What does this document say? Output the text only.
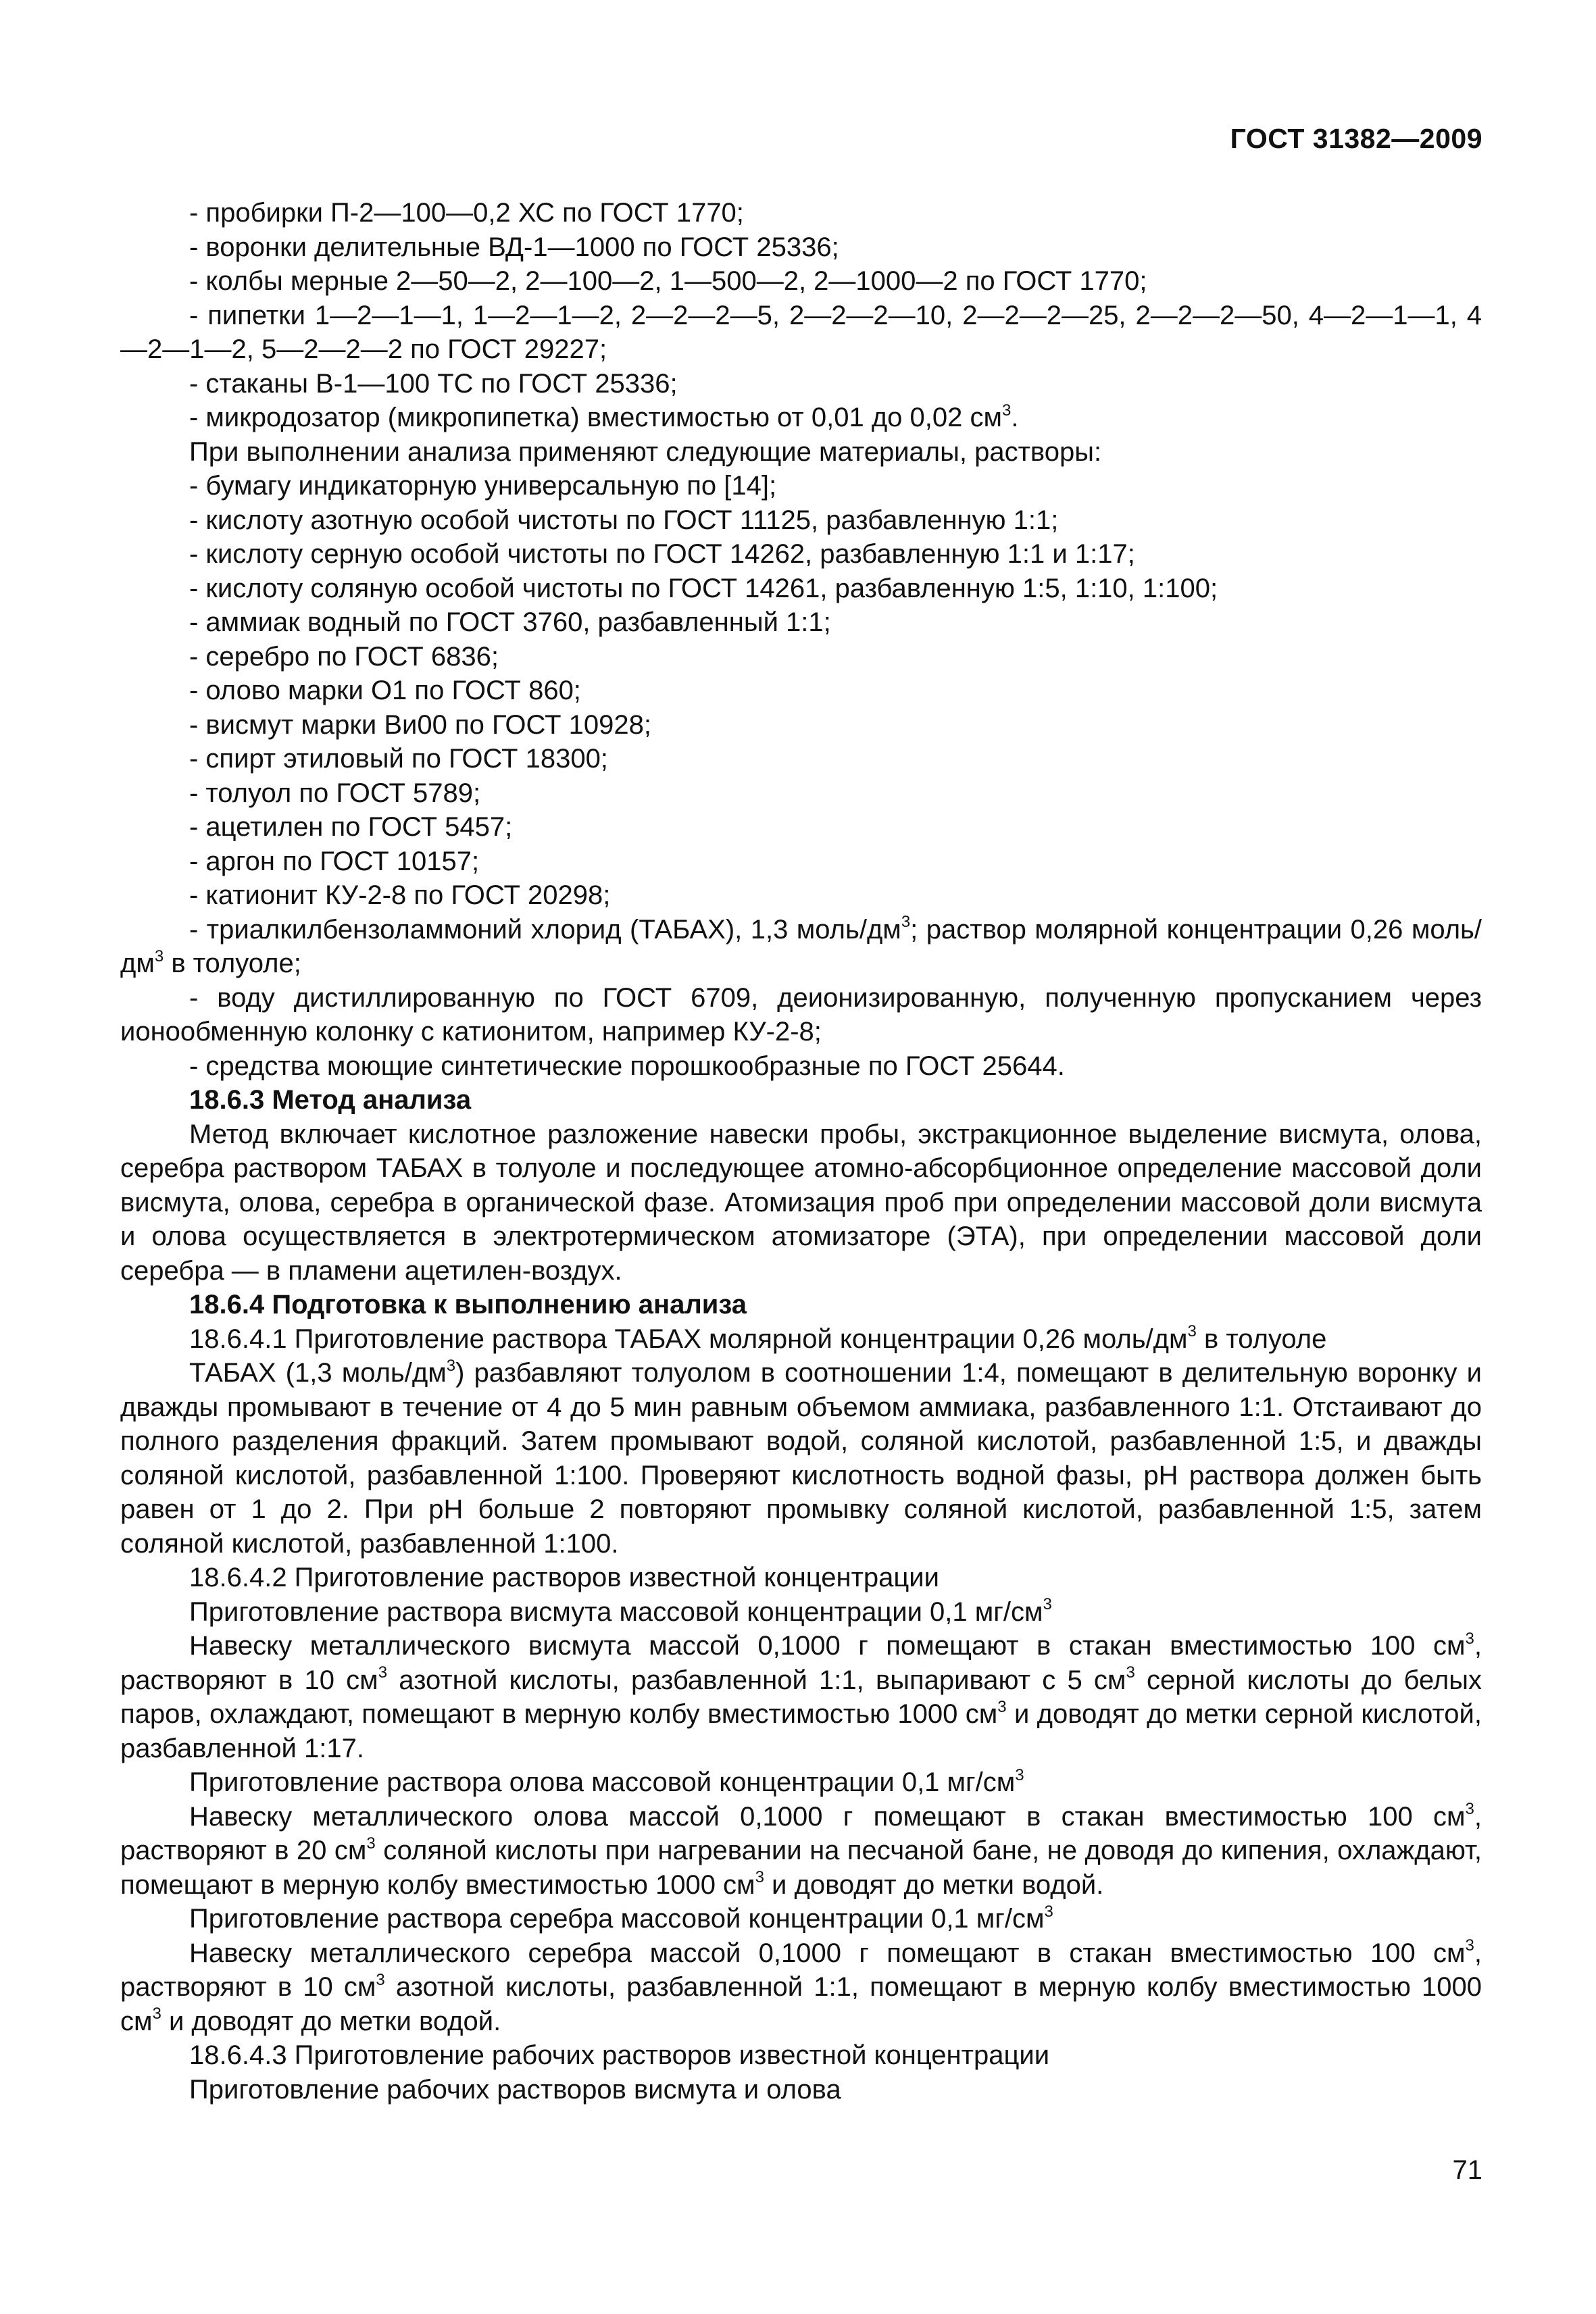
ГОСТ 31382—2009

- пробирки П-2—100—0,2 ХС по ГОСТ 1770;

- воронки делительные ВД-1—1000 по ГОСТ 25336;

- колбы мерные 2—50—2, 2—100—2, 1—500—2, 2—1000—2 по ГОСТ 1770;

- пипетки 1—2—1—1, 1—2—1—2, 2—2—2—5, 2—2—2—10, 2—2—2—25, 2—2—2—50, 4—2—1—1, 4—2—1—2, 5—2—2—2 по ГОСТ 29227;

- стаканы В-1—100 ТС по ГОСТ 25336;

- микродозатор (микропипетка) вместимостью от 0,01 до 0,02 $см^3$.

При выполнении анализа применяют следующие материалы, растворы:

- бумагу индикаторную универсальную по [14];

- кислоту азотную особой чистоты по ГОСТ 11125, разбавленную 1:1;

- кислоту серную особой чистоты по ГОСТ 14262, разбавленную 1:1 и 1:17;

- кислоту соляную особой чистоты по ГОСТ 14261, разбавленную 1:5, 1:10, 1:100;

- аммиак водный по ГОСТ 3760, разбавленный 1:1;

- серебро по ГОСТ 6836;

- олово марки О1 по ГОСТ 860;

- висмут марки Ви00 по ГОСТ 10928;

- спирт этиловый по ГОСТ 18300;

- толуол по ГОСТ 5789;

- ацетилен по ГОСТ 5457;

- аргон по ГОСТ 10157;

- катионит КУ-2-8 по ГОСТ 20298;

- триалкилбензоламмоний хлорид (ТАБАХ), 1,3 моль/$дм^3$; раствор молярной концентрации 0,26 моль/$дм^3$ в толуоле;

- воду дистиллированную по ГОСТ 6709, деионизированную, полученную пропусканием через ионообменную колонку с катионитом, например КУ-2-8;

- средства моющие синтетические порошкообразные по ГОСТ 25644.

18.6.3 Метод анализа

Метод включает кислотное разложение навески пробы, экстракционное выделение висмута, олова, серебра раствором ТАБАХ в толуоле и последующее атомно-абсорбционное определение массовой доли висмута, олова, серебра в органической фазе. Атомизация проб при определении массовой доли висмута и олова осуществляется в электротермическом атомизаторе (ЭТА), при определении массовой доли серебра — в пламени ацетилен-воздух.

18.6.4 Подготовка к выполнению анализа

18.6.4.1 Приготовление раствора ТАБАХ молярной концентрации 0,26 моль/$дм^3$ в толуоле

ТАБАХ (1,3 моль/$дм^3$) разбавляют толуолом в соотношении 1:4, помещают в делительную воронку и дважды промывают в течение от 4 до 5 мин равным объемом аммиака, разбавленного 1:1. Отстаивают до полного разделения фракций. Затем промывают водой, соляной кислотой, разбавленной 1:5, и дважды соляной кислотой, разбавленной 1:100. Проверяют кислотность водной фазы, pH раствора должен быть равен от 1 до 2. При pH больше 2 повторяют промывку соляной кислотой, разбавленной 1:5, затем соляной кислотой, разбавленной 1:100.

18.6.4.2 Приготовление растворов известной концентрации

Приготовление раствора висмута массовой концентрации 0,1 $мг/см^3$

Навеску металлического висмута массой 0,1000 г помещают в стакан вместимостью 100 $см^3$, растворяют в 10 $см^3$ азотной кислоты, разбавленной 1:1, выпаривают с 5 $см^3$ серной кислоты до белых паров, охлаждают, помещают в мерную колбу вместимостью 1000 $см^3$ и доводят до метки серной кислотой, разбавленной 1:17.

Приготовление раствора олова массовой концентрации 0,1 $мг/см^3$

Навеску металлического олова массой 0,1000 г помещают в стакан вместимостью 100 $см^3$, растворяют в 20 $см^3$ соляной кислоты при нагревании на песчаной бане, не доводя до кипения, охлаждают, помещают в мерную колбу вместимостью 1000 $см^3$ и доводят до метки водой.

Приготовление раствора серебра массовой концентрации 0,1 $мг/см^3$

Навеску металлического серебра массой 0,1000 г помещают в стакан вместимостью 100 $см^3$, растворяют в 10 $см^3$ азотной кислоты, разбавленной 1:1, помещают в мерную колбу вместимостью 1000 $см^3$ и доводят до метки водой.

18.6.4.3 Приготовление рабочих растворов известной концентрации

Приготовление рабочих растворов висмута и олова

71
